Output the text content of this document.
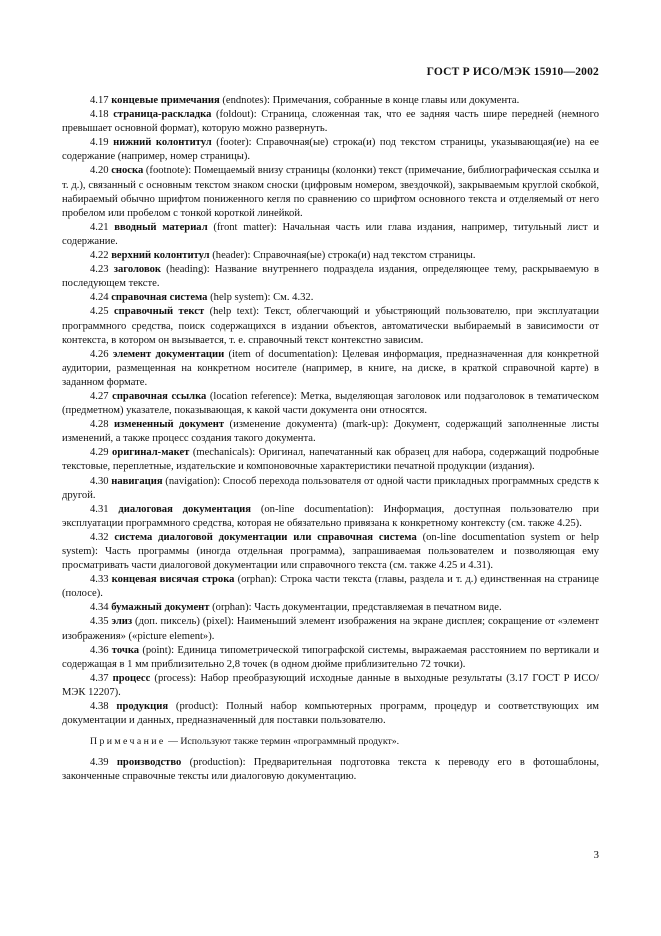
ГОСТ Р ИСО/МЭК 15910—2002

4.17 концевые примечания (endnotes): Примечания, собранные в конце главы или документа.

4.18 страница-раскладка (foldout): Страница, сложенная так, что ее задняя часть шире передней (немного превышает основной формат), которую можно развернуть.

4.19 нижний колонтитул (footer): Справочная(ые) строка(и) под текстом страницы, указывающая(ие) на ее содержание (например, номер страницы).

4.20 сноска (footnote): Помещаемый внизу страницы (колонки) текст (примечание, библиографическая ссылка и т. д.), связанный с основным текстом знаком сноски (цифровым номером, звездочкой), закрываемым круглой скобкой, набираемый обычно шрифтом пониженного кегля по сравнению со шрифтом основного текста и отделяемый от него пробелом или пробелом с тонкой короткой линейкой.

4.21 вводный материал (front matter): Начальная часть или глава издания, например, титульный лист и содержание.

4.22 верхний колонтитул (header): Справочная(ые) строка(и) над текстом страницы.

4.23 заголовок (heading): Название внутреннего подраздела издания, определяющее тему, раскрываемую в последующем тексте.

4.24 справочная система (help system): См. 4.32.

4.25 справочный текст (help text): Текст, облегчающий и убыстряющий пользователю, при эксплуатации программного средства, поиск содержащихся в издании объектов, автоматически выбираемый в зависимости от контекста, в котором он вызывается, т. е. справочный текст контекстно зависим.

4.26 элемент документации (item of documentation): Целевая информация, предназначенная для конкретной аудитории, размещенная на конкретном носителе (например, в книге, на диске, в краткой справочной карте) в заданном формате.

4.27 справочная ссылка (location reference): Метка, выделяющая заголовок или подзаголовок в тематическом (предметном) указателе, показывающая, к какой части документа они относятся.

4.28 измененный документ (изменение документа) (mark-up): Документ, содержащий заполненные листы изменений, а также процесс создания такого документа.

4.29 оригинал-макет (mechanicals): Оригинал, напечатанный как образец для набора, содержащий подробные текстовые, переплетные, издательские и компоновочные характеристики печатной продукции (издания).

4.30 навигация (navigation): Способ перехода пользователя от одной части прикладных программных средств к другой.

4.31 диалоговая документация (on-line documentation): Информация, доступная пользователю при эксплуатации программного средства, которая не обязательно привязана к конкретному контексту (см. также 4.25).

4.32 система диалоговой документации или справочная система (on-line documentation system or help system): Часть программы (иногда отдельная программа), запрашиваемая пользователем и позволяющая ему просматривать части диалоговой документации или справочного текста (см. также 4.25 и 4.31).

4.33 концевая висячая строка (orphan): Строка части текста (главы, раздела и т. д.) единственная на странице (полосе).

4.34 бумажный документ (orphan): Часть документации, представляемая в печатном виде.

4.35 элиз (доп. пиксель) (pixel): Наименьший элемент изображения на экране дисплея; сокращение от «элемент изображения» («picture element»).

4.36 точка (point): Единица типометрической типографской системы, выражаемая расстоянием по вертикали и содержащая в 1 мм приблизительно 2,8 точек (в одном дюйме приблизительно 72 точки).

4.37 процесс (process): Набор преобразующий исходные данные в выходные результаты (3.17 ГОСТ Р ИСО/МЭК 12207).

4.38 продукция (product): Полный набор компьютерных программ, процедур и соответствующих им документации и данных, предназначенный для поставки пользователю.

Примечание — Используют также термин «программный продукт».

4.39 производство (production): Предварительная подготовка текста к переводу его в фотошаблоны, законченные справочные тексты или диалоговую документацию.

3
